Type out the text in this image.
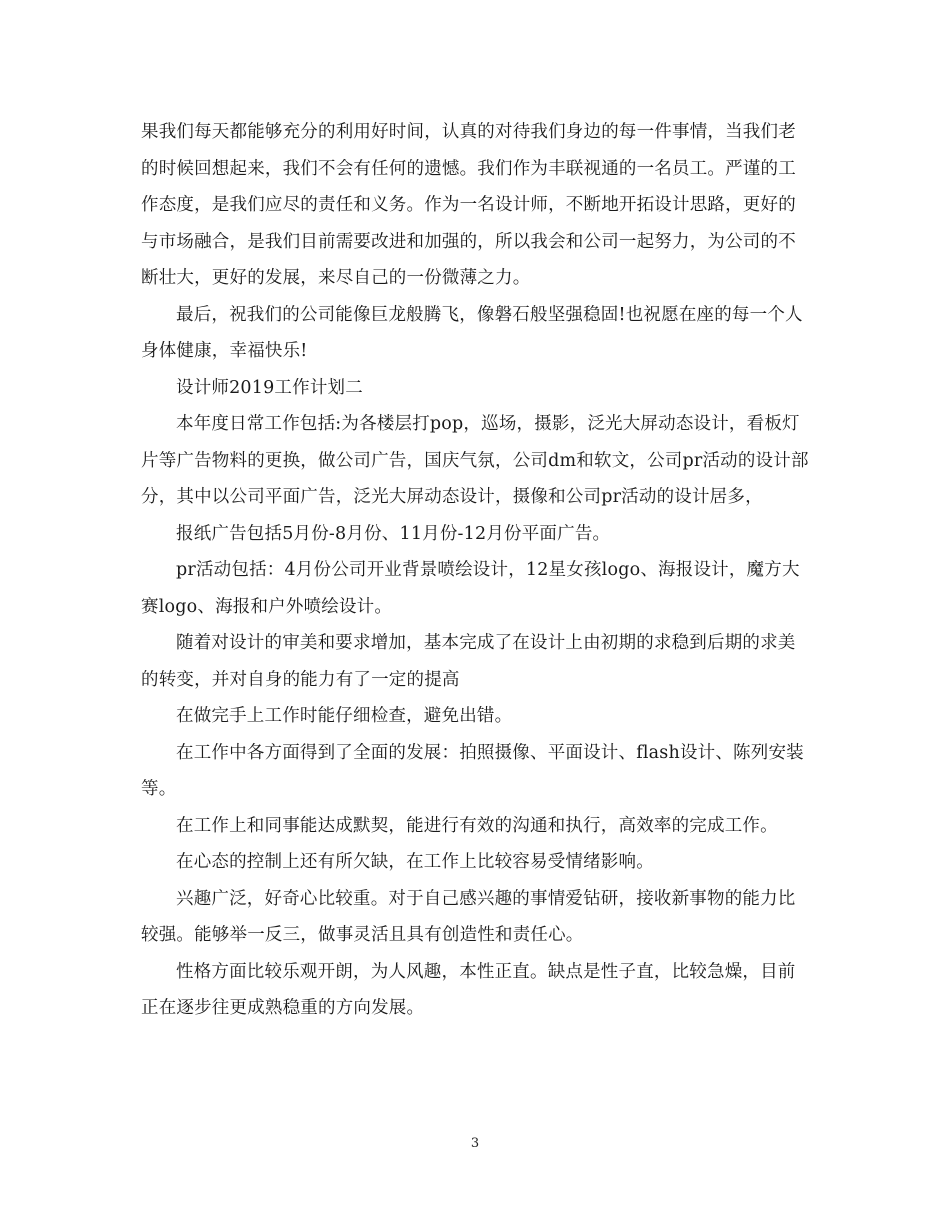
果我们每天都能够充分的利用好时间，认真的对待我们身边的每一件事情，当我们老的时候回想起来，我们不会有任何的遗憾。我们作为丰联视通的一名员工。严谨的工作态度，是我们应尽的责任和义务。作为一名设计师，不断地开拓设计思路，更好的与市场融合，是我们目前需要改进和加强的，所以我会和公司一起努力，为公司的不断壮大，更好的发展，来尽自己的一份微薄之力。

最后，祝我们的公司能像巨龙般腾飞，像磐石般坚强稳固!也祝愿在座的每一个人身体健康，幸福快乐!

设计师2019工作计划二

本年度日常工作包括:为各楼层打pop，巡场，摄影，泛光大屏动态设计，看板灯片等广告物料的更换，做公司广告，国庆气氛，公司dm和软文，公司pr活动的设计部分，其中以公司平面广告，泛光大屏动态设计，摄像和公司pr活动的设计居多，

报纸广告包括5月份-8月份、11月份-12月份平面广告。

pr活动包括：4月份公司开业背景喷绘设计，12星女孩logo、海报设计，魔方大赛logo、海报和户外喷绘设计。

随着对设计的审美和要求增加，基本完成了在设计上由初期的求稳到后期的求美的转变，并对自身的能力有了一定的提高

在做完手上工作时能仔细检查，避免出错。

在工作中各方面得到了全面的发展：拍照摄像、平面设计、flash设计、陈列安装等。

在工作上和同事能达成默契，能进行有效的沟通和执行，高效率的完成工作。

在心态的控制上还有所欠缺，在工作上比较容易受情绪影响。

兴趣广泛，好奇心比较重。对于自己感兴趣的事情爱钻研，接收新事物的能力比较强。能够举一反三，做事灵活且具有创造性和责任心。

性格方面比较乐观开朗，为人风趣，本性正直。缺点是性子直，比较急燥，目前正在逐步往更成熟稳重的方向发展。

3
